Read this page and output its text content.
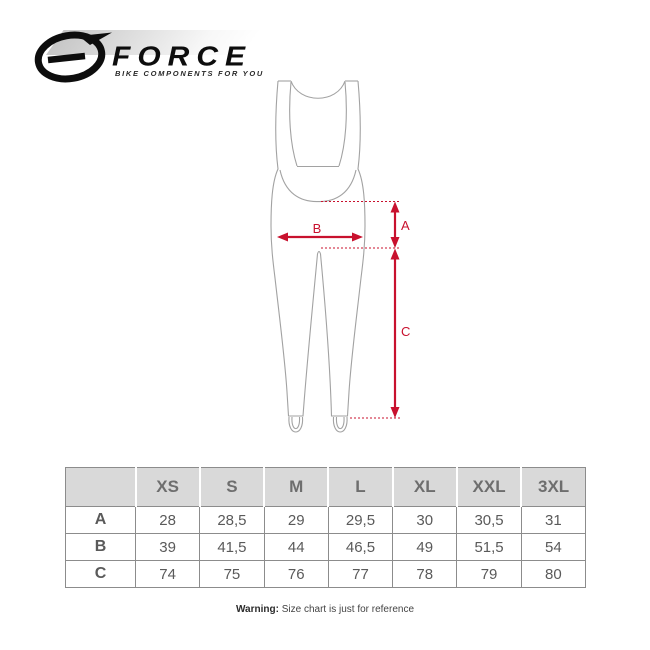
FORCE
BIKE COMPONENTS FOR YOU
B	A
C
	XS	S	M	L	XL	XXL	3XL
A	28	28,5	29	29,5	30	30,5	31
B	39	41,5	44	46,5	49	51,5	54
C	74	75	76	77	78	79	80
Warning: Size chart is just for reference
